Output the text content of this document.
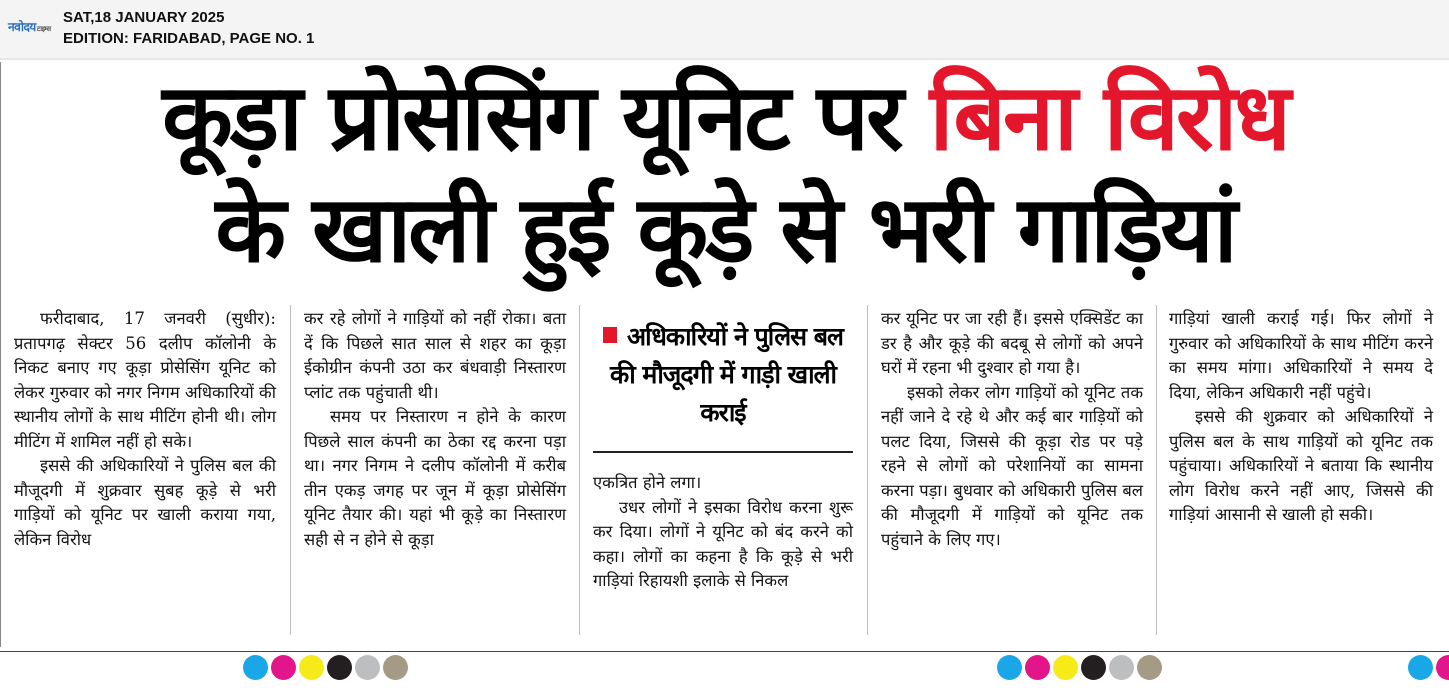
नवोदयटाइम्स
SAT,18 JANUARY 2025
EDITION: FARIDABAD, PAGE NO. 1
कूड़ा प्रोसेसिंग यूनिट पर बिना विरोध
के खाली हुई कूड़े से भरी गाड़ियां

फरीदाबाद, 17 जनवरी (सुधीर): प्रतापगढ़ सेक्टर 56 दलीप कॉलोनी के निकट बनाए गए कूड़ा प्रोसेसिंग यूनिट को लेकर गुरुवार को नगर निगम अधिकारियों की स्थानीय लोगों के साथ मीटिंग होनी थी। लोग मीटिंग में शामिल नहीं हो सके।

इससे की अधिकारियों ने पुलिस बल की मौजूदगी में शुक्रवार सुबह कूड़े से भरी गाड़ियों को यूनिट पर खाली कराया गया, लेकिन विरोध

कर रहे लोगों ने गाड़ियों को नहीं रोका। बता दें कि पिछले सात साल से शहर का कूड़ा ईकोग्रीन कंपनी उठा कर बंधवाड़ी निस्तारण प्लांट तक पहुंचाती थी।

समय पर निस्तारण न होने के कारण पिछले साल कंपनी का ठेका रद्द करना पड़ा था। नगर निगम ने दलीप कॉलोनी में करीब तीन एकड़ जगह पर जून में कूड़ा प्रोसेसिंग यूनिट तैयार की। यहां भी कूड़े का निस्तारण सही से न होने से कूड़ा

अधिकारियों ने पुलिस बल की मौजूदगी में गाड़ी खाली कराई

एकत्रित होने लगा।

उधर लोगों ने इसका विरोध करना शुरू कर दिया। लोगों ने यूनिट को बंद करने को कहा। लोगों का कहना है कि कूड़े से भरी गाड़ियां रिहायशी इलाके से निकल

कर यूनिट पर जा रही हैं। इससे एक्सिडेंट का डर है और कूड़े की बदबू से लोगों को अपने घरों में रहना भी दुश्वार हो गया है।

इसको लेकर लोग गाड़ियों को यूनिट तक नहीं जाने दे रहे थे और कई बार गाड़ियों को पलट दिया, जिससे की कूड़ा रोड पर पड़े रहने से लोगों को परेशानियों का सामना करना पड़ा। बुधवार को अधिकारी पुलिस बल की मौजूदगी में गाड़ियों को यूनिट तक पहुंचाने के लिए गए।

गाड़ियां खाली कराई गई। फिर लोगों ने गुरुवार को अधिकारियों के साथ मीटिंग करने का समय मांगा। अधिकारियों ने समय दे दिया, लेकिन अधिकारी नहीं पहुंचे।

इससे की शुक्रवार को अधिकारियों ने पुलिस बल के साथ गाड़ियों को यूनिट तक पहुंचाया। अधिकारियों ने बताया कि स्थानीय लोग विरोध करने नहीं आए, जिससे की गाड़ियां आसानी से खाली हो सकी।
